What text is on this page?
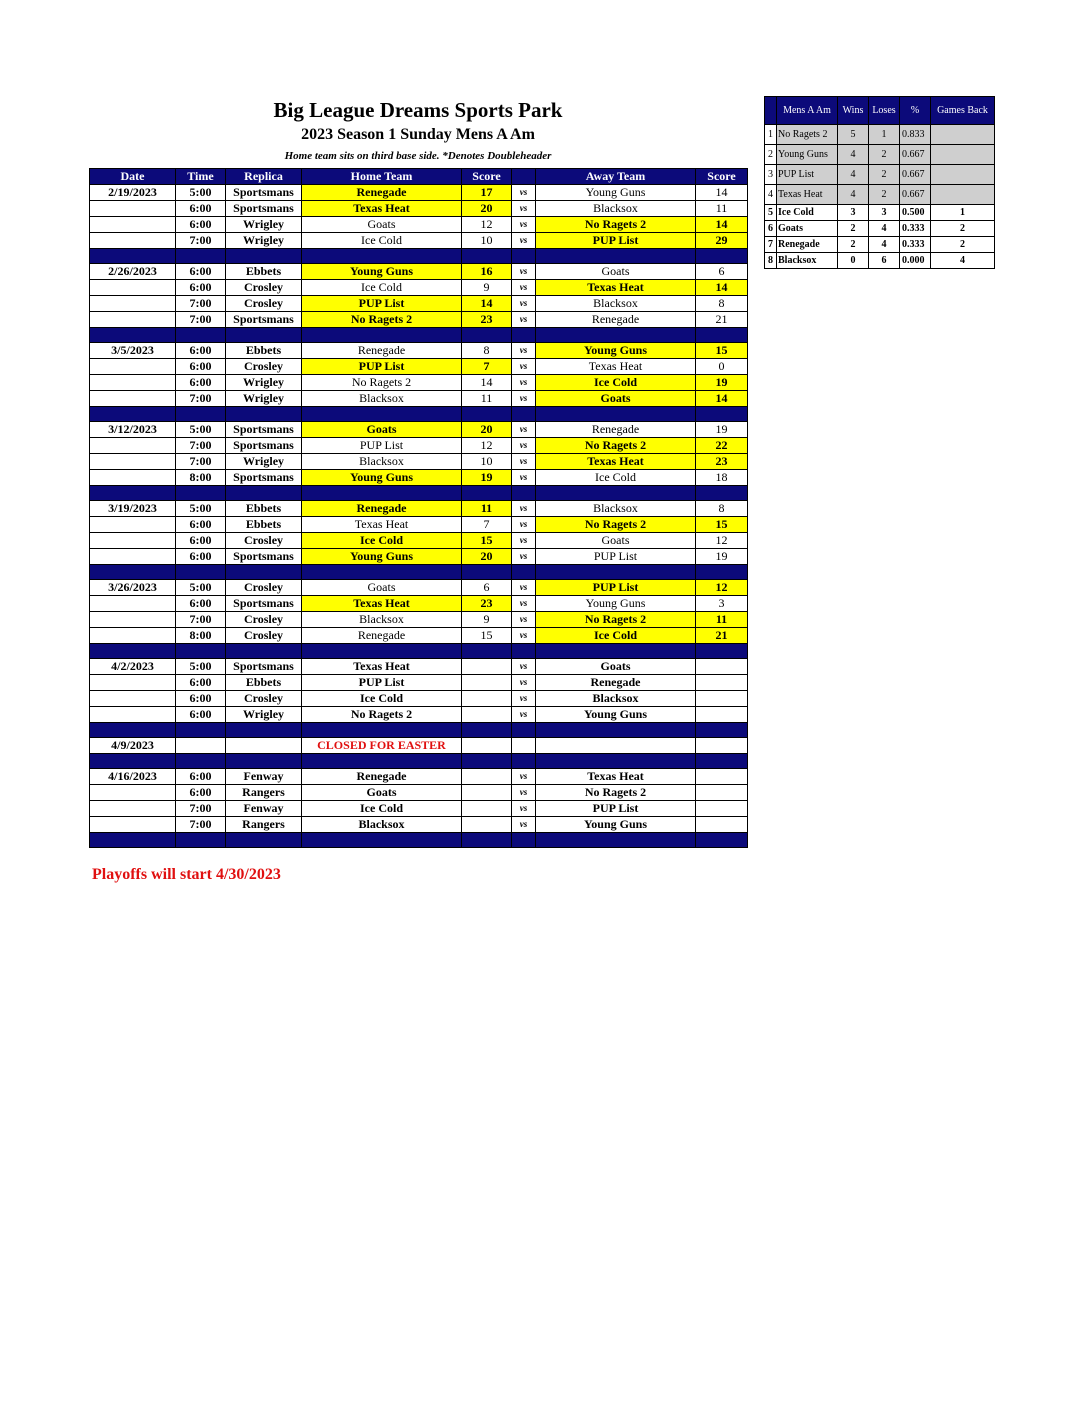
Big League Dreams Sports Park
2023 Season 1 Sunday Mens A Am
Home team sits on third base side. *Denotes Doubleheader
Date	Time	Replica	Home Team	Score		Away Team	Score
2/19/2023	5:00	Sportsmans	Renegade	17	vs	Young Guns	14
	6:00	Sportsmans	Texas Heat	20	vs	Blacksox	11
	6:00	Wrigley	Goats	12	vs	No Ragets 2	14
	7:00	Wrigley	Ice Cold	10	vs	PUP List	29

2/26/2023	6:00	Ebbets	Young Guns	16	vs	Goats	6
	6:00	Crosley	Ice Cold	9	vs	Texas Heat	14
	7:00	Crosley	PUP List	14	vs	Blacksox	8
	7:00	Sportsmans	No Ragets 2	23	vs	Renegade	21

3/5/2023	6:00	Ebbets	Renegade	8	vs	Young Guns	15
	6:00	Crosley	PUP List	7	vs	Texas Heat	0
	6:00	Wrigley	No Ragets 2	14	vs	Ice Cold	19
	7:00	Wrigley	Blacksox	11	vs	Goats	14

3/12/2023	5:00	Sportsmans	Goats	20	vs	Renegade	19
	7:00	Sportsmans	PUP List	12	vs	No Ragets 2	22
	7:00	Wrigley	Blacksox	10	vs	Texas Heat	23
	8:00	Sportsmans	Young Guns	19	vs	Ice Cold	18

3/19/2023	5:00	Ebbets	Renegade	11	vs	Blacksox	8
	6:00	Ebbets	Texas Heat	7	vs	No Ragets 2	15
	6:00	Crosley	Ice Cold	15	vs	Goats	12
	6:00	Sportsmans	Young Guns	20	vs	PUP List	19

3/26/2023	5:00	Crosley	Goats	6	vs	PUP List	12
	6:00	Sportsmans	Texas Heat	23	vs	Young Guns	3
	7:00	Crosley	Blacksox	9	vs	No Ragets 2	11
	8:00	Crosley	Renegade	15	vs	Ice Cold	21

4/2/2023	5:00	Sportsmans	Texas Heat		vs	Goats	
	6:00	Ebbets	PUP List		vs	Renegade	
	6:00	Crosley	Ice Cold		vs	Blacksox	
	6:00	Wrigley	No Ragets 2		vs	Young Guns	

4/9/2023			CLOSED FOR EASTER				

4/16/2023	6:00	Fenway	Renegade		vs	Texas Heat	
	6:00	Rangers	Goats		vs	No Ragets 2	
	7:00	Fenway	Ice Cold		vs	PUP List	
	7:00	Rangers	Blacksox		vs	Young Guns	

	Mens A Am	Wins	Loses	%	Games Back
1	No Ragets 2	5	1	0.833	
2	Young Guns	4	2	0.667	
3	PUP List	4	2	0.667	
4	Texas Heat	4	2	0.667	
5	Ice Cold	3	3	0.500	1
6	Goats	2	4	0.333	2
7	Renegade	2	4	0.333	2
8	Blacksox	0	6	0.000	4
Playoffs will start 4/30/2023
